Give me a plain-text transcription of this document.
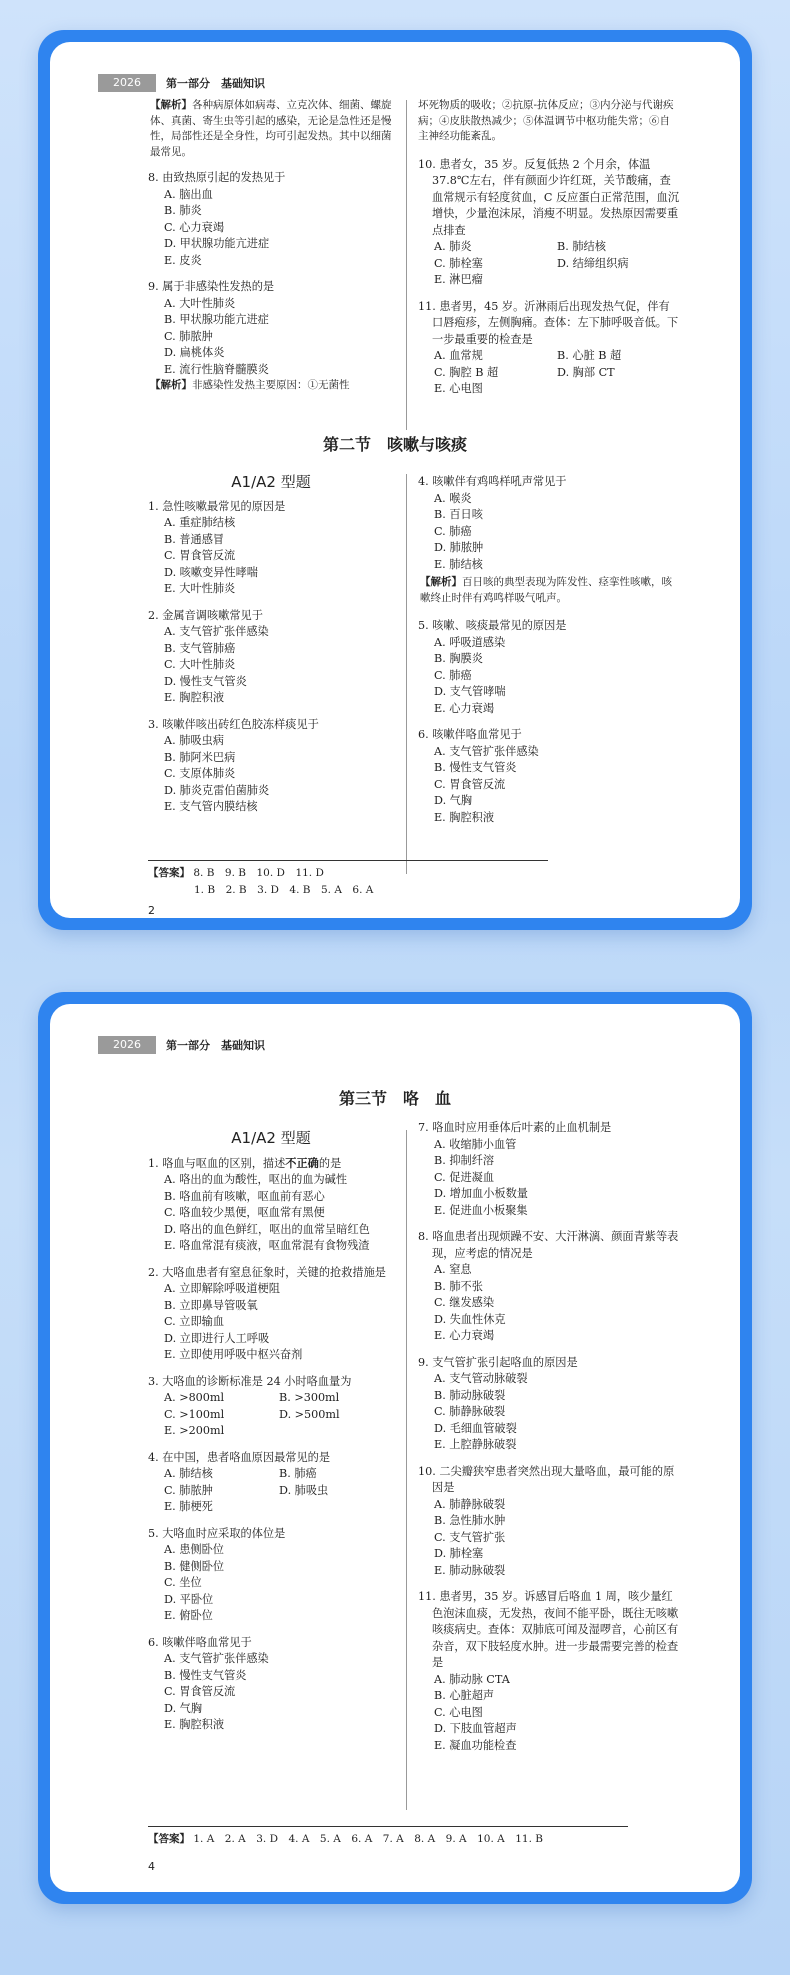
2026	第一部分　基础知识
【解析】各种病原体如病毒、立克次体、细菌、螺旋体、真菌、寄生虫等引起的感染，无论是急性还是慢性，局部性还是全身性，均可引起发热。其中以细菌最常见。
8. 由致热原引起的发热见于
A. 脑出血
B. 肺炎
C. 心力衰竭
D. 甲状腺功能亢进症
E. 皮炎
9. 属于非感染性发热的是
A. 大叶性肺炎
B. 甲状腺功能亢进症
C. 肺脓肿
D. 扁桃体炎
E. 流行性脑脊髓膜炎
【解析】非感染性发热主要原因：①无菌性
坏死物质的吸收；②抗原-抗体反应；③内分泌与代谢疾病；④皮肤散热减少；⑤体温调节中枢功能失常；⑥自主神经功能紊乱。
10. 患者女，35 岁。反复低热 2 个月余，体温 37.8℃左右，伴有颜面少许红斑，关节酸痛，查血常规示有轻度贫血，C 反应蛋白正常范围，血沉增快，少量泡沫尿，消瘦不明显。发热原因需要重点排查
A. 肺炎	B. 肺结核
C. 肺栓塞	D. 结缔组织病
E. 淋巴瘤
11. 患者男，45 岁。沂淋雨后出现发热气促，伴有口唇疱疹，左侧胸痛。查体：左下肺呼吸音低。下一步最重要的检查是
A. 血常规	B. 心脏 B 超
C. 胸腔 B 超	D. 胸部 CT
E. 心电图
第二节　咳嗽与咳痰
A1/A2 型题
1. 急性咳嗽最常见的原因是
A. 重症肺结核
B. 普通感冒
C. 胃食管反流
D. 咳嗽变异性哮喘
E. 大叶性肺炎
2. 金属音调咳嗽常见于
A. 支气管扩张伴感染
B. 支气管肺癌
C. 大叶性肺炎
D. 慢性支气管炎
E. 胸腔积液
3. 咳嗽伴咳出砖红色胶冻样痰见于
A. 肺吸虫病
B. 肺阿米巴病
C. 支原体肺炎
D. 肺炎克雷伯菌肺炎
E. 支气管内膜结核
4. 咳嗽伴有鸡鸣样吼声常见于
A. 喉炎
B. 百日咳
C. 肺癌
D. 肺脓肿
E. 肺结核
【解析】百日咳的典型表现为阵发性、痉挛性咳嗽，咳嗽终止时伴有鸡鸣样吸气吼声。
5. 咳嗽、咳痰最常见的原因是
A. 呼吸道感染
B. 胸膜炎
C. 肺癌
D. 支气管哮喘
E. 心力衰竭
6. 咳嗽伴咯血常见于
A. 支气管扩张伴感染
B. 慢性支气管炎
C. 胃食管反流
D. 气胸
E. 胸腔积液
【答案】 8. B　9. B　10. D　11. D
1. B　2. B　3. D　4. B　5. A　6. A
2
2026	第一部分　基础知识
第三节　咯　血
A1/A2 型题
1. 咯血与呕血的区别，描述不正确的是
A. 咯出的血为酸性，呕出的血为碱性
B. 咯血前有咳嗽，呕血前有恶心
C. 咯血较少黑便，呕血常有黑便
D. 咯出的血色鲜红，呕出的血常呈暗红色
E. 咯血常混有痰液，呕血常混有食物残渣
2. 大咯血患者有窒息征象时，关键的抢救措施是
A. 立即解除呼吸道梗阻
B. 立即鼻导管吸氧
C. 立即输血
D. 立即进行人工呼吸
E. 立即使用呼吸中枢兴奋剂
3. 大咯血的诊断标准是 24 小时咯血量为
A. >800ml	B. >300ml
C. >100ml	D. >500ml
E. >200ml
4. 在中国，患者咯血原因最常见的是
A. 肺结核	B. 肺癌
C. 肺脓肿	D. 肺吸虫
E. 肺梗死
5. 大咯血时应采取的体位是
A. 患侧卧位
B. 健侧卧位
C. 坐位
D. 平卧位
E. 俯卧位
6. 咳嗽伴咯血常见于
A. 支气管扩张伴感染
B. 慢性支气管炎
C. 胃食管反流
D. 气胸
E. 胸腔积液
7. 咯血时应用垂体后叶素的止血机制是
A. 收缩肺小血管
B. 抑制纤溶
C. 促进凝血
D. 增加血小板数量
E. 促进血小板聚集
8. 咯血患者出现烦躁不安、大汗淋漓、颜面青紫等表现，应考虑的情况是
A. 窒息
B. 肺不张
C. 继发感染
D. 失血性休克
E. 心力衰竭
9. 支气管扩张引起咯血的原因是
A. 支气管动脉破裂
B. 肺动脉破裂
C. 肺静脉破裂
D. 毛细血管破裂
E. 上腔静脉破裂
10. 二尖瓣狭窄患者突然出现大量咯血，最可能的原因是
A. 肺静脉破裂
B. 急性肺水肿
C. 支气管扩张
D. 肺栓塞
E. 肺动脉破裂
11. 患者男，35 岁。诉感冒后咯血 1 周，咳少量红色泡沫血痰，无发热，夜间不能平卧，既往无咳嗽咳痰病史。查体：双肺底可闻及湿啰音，心前区有杂音，双下肢轻度水肿。进一步最需要完善的检查是
A. 肺动脉 CTA
B. 心脏超声
C. 心电图
D. 下肢血管超声
E. 凝血功能检查
【答案】 1. A　2. A　3. D　4. A　5. A　6. A　7. A　8. A　9. A　10. A　11. B
4
